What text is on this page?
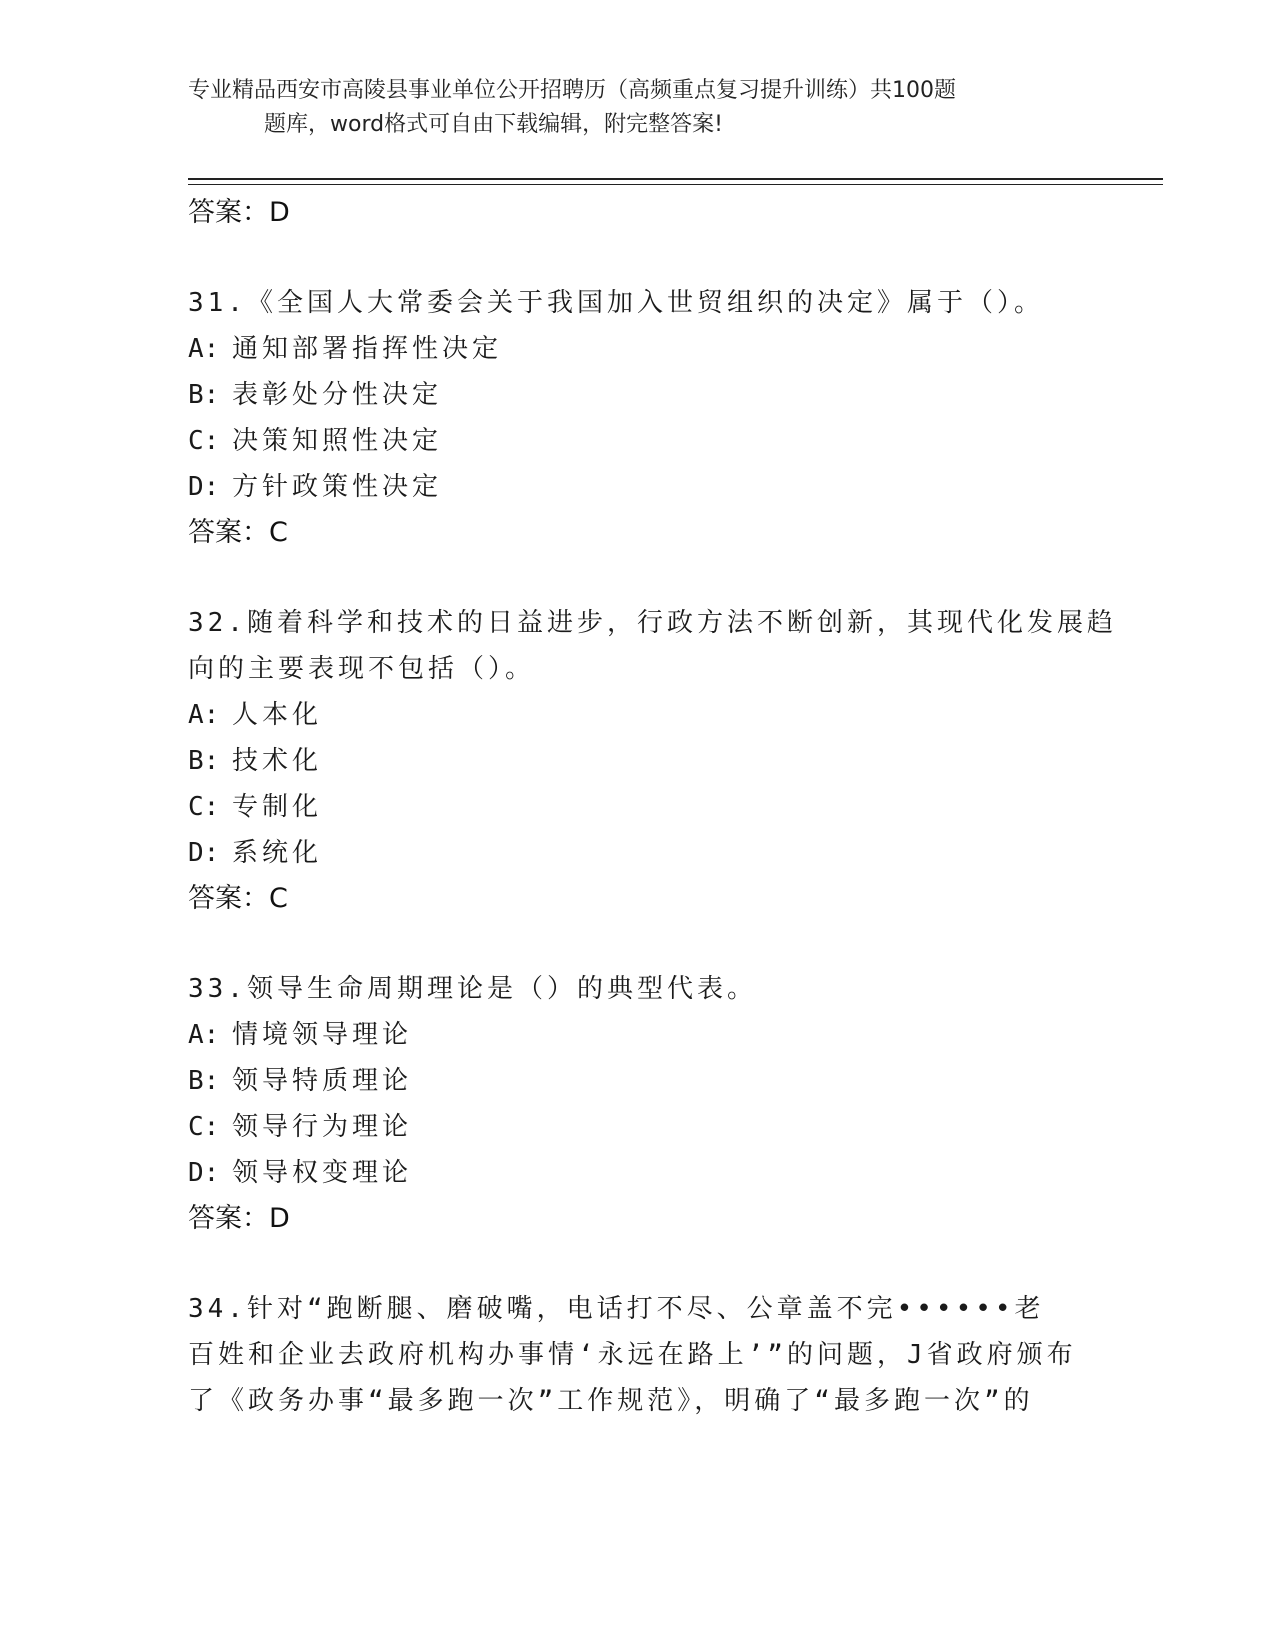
专业精品西安市高陵县事业单位公开招聘历（高频重点复习提升训练）共100题
题库，word格式可自由下载编辑，附完整答案!
答案：D
31.《全国人大常委会关于我国加入世贸组织的决定》属于（）。
A: 通知部署指挥性决定
B: 表彰处分性决定
C: 决策知照性决定
D: 方针政策性决定
答案：C
32.随着科学和技术的日益进步，行政方法不断创新，其现代化发展趋
向的主要表现不包括（）。
A: 人本化
B: 技术化
C: 专制化
D: 系统化
答案：C
33.领导生命周期理论是（）的典型代表。
A: 情境领导理论
B: 领导特质理论
C: 领导行为理论
D: 领导权变理论
答案：D
34.针对“跑断腿、磨破嘴，电话打不尽、公章盖不完••••••老
百姓和企业去政府机构办事情‘永远在路上’”的问题，J省政府颁布
了《政务办事“最多跑一次”工作规范》，明确了“最多跑一次”的
